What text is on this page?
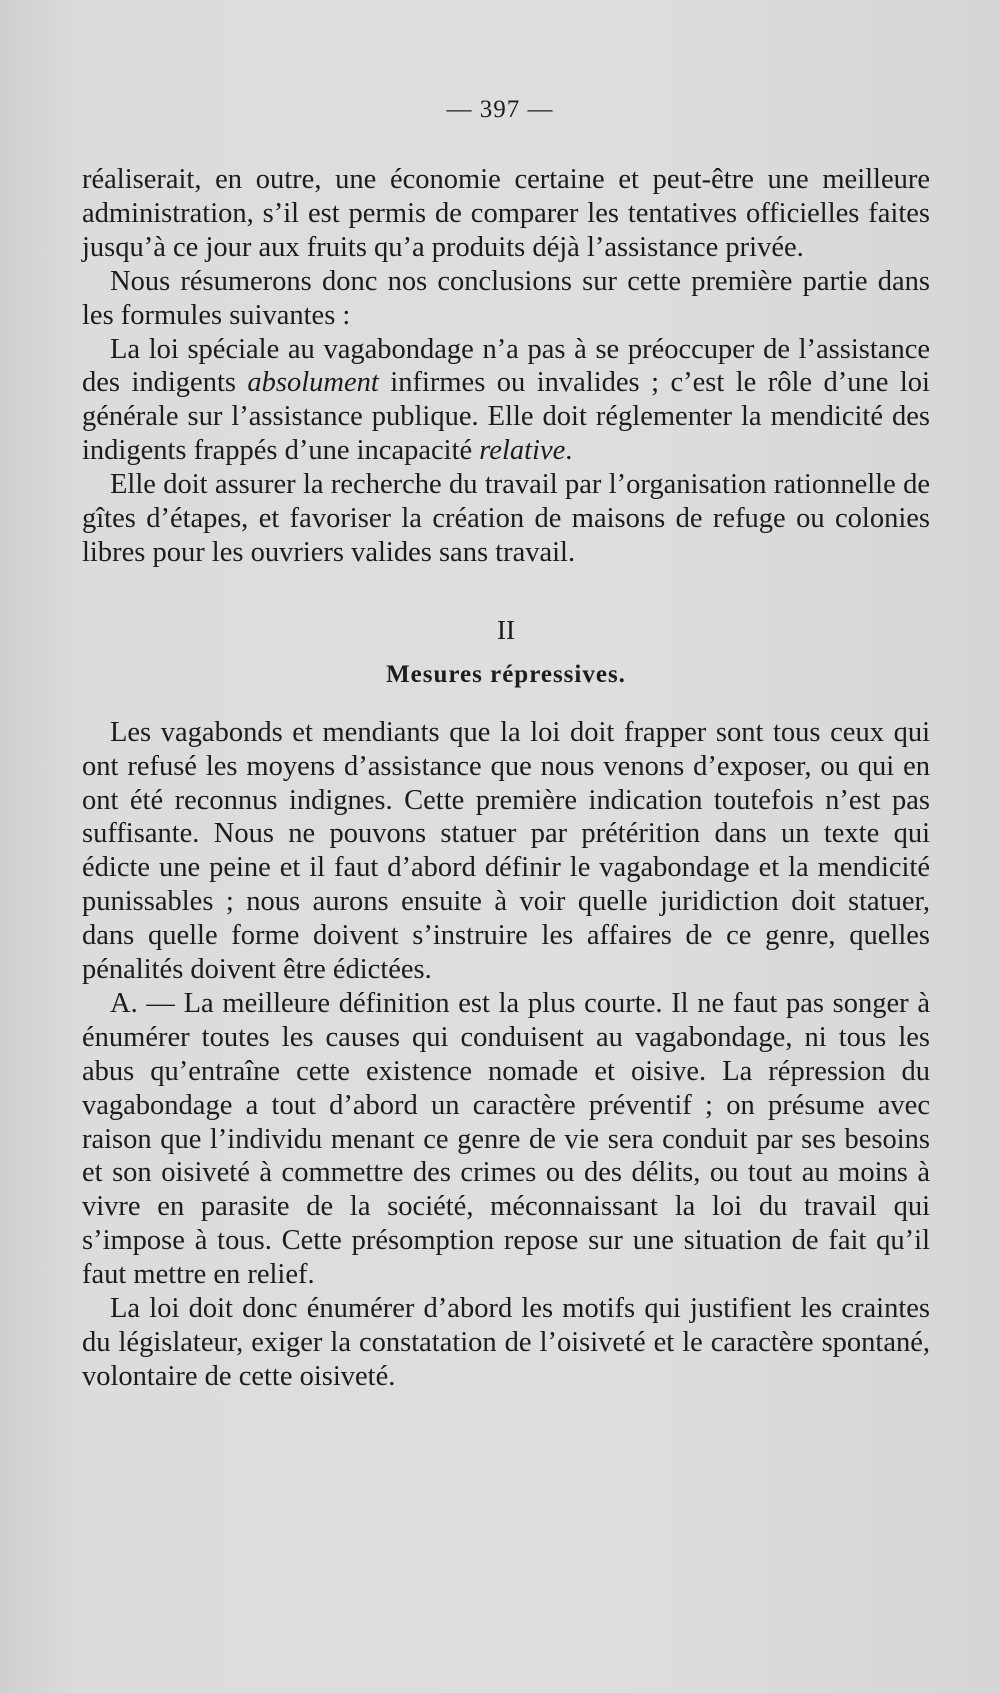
— 397 —

réaliserait, en outre, une économie certaine et peut-être une meilleure administration, s’il est permis de comparer les tentatives officielles faites jusqu’à ce jour aux fruits qu’a produits déjà l’assistance privée.

Nous résumerons donc nos conclusions sur cette première partie dans les formules suivantes :

La loi spéciale au vagabondage n’a pas à se préoccuper de l’assistance des indigents absolument infirmes ou invalides ; c’est le rôle d’une loi générale sur l’assistance publique. Elle doit réglementer la mendicité des indigents frappés d’une incapacité relative.

Elle doit assurer la recherche du travail par l’organisation rationnelle de gîtes d’étapes, et favoriser la création de maisons de refuge ou colonies libres pour les ouvriers valides sans travail.

II
Mesures répressives.

Les vagabonds et mendiants que la loi doit frapper sont tous ceux qui ont refusé les moyens d’assistance que nous venons d’exposer, ou qui en ont été reconnus indignes. Cette première indication toutefois n’est pas suffisante. Nous ne pouvons statuer par prétérition dans un texte qui édicte une peine et il faut d’abord définir le vagabondage et la mendicité punissables ; nous aurons ensuite à voir quelle juridiction doit statuer, dans quelle forme doivent s’instruire les affaires de ce genre, quelles pénalités doivent être édictées.

A. — La meilleure définition est la plus courte. Il ne faut pas songer à énumérer toutes les causes qui conduisent au vagabondage, ni tous les abus qu’entraîne cette existence nomade et oisive. La répression du vagabondage a tout d’abord un caractère préventif ; on présume avec raison que l’individu menant ce genre de vie sera conduit par ses besoins et son oisiveté à commettre des crimes ou des délits, ou tout au moins à vivre en parasite de la société, méconnaissant la loi du travail qui s’impose à tous. Cette présomption repose sur une situation de fait qu’il faut mettre en relief.

La loi doit donc énumérer d’abord les motifs qui justifient les craintes du législateur, exiger la constatation de l’oisiveté et le caractère spontané, volontaire de cette oisiveté.
